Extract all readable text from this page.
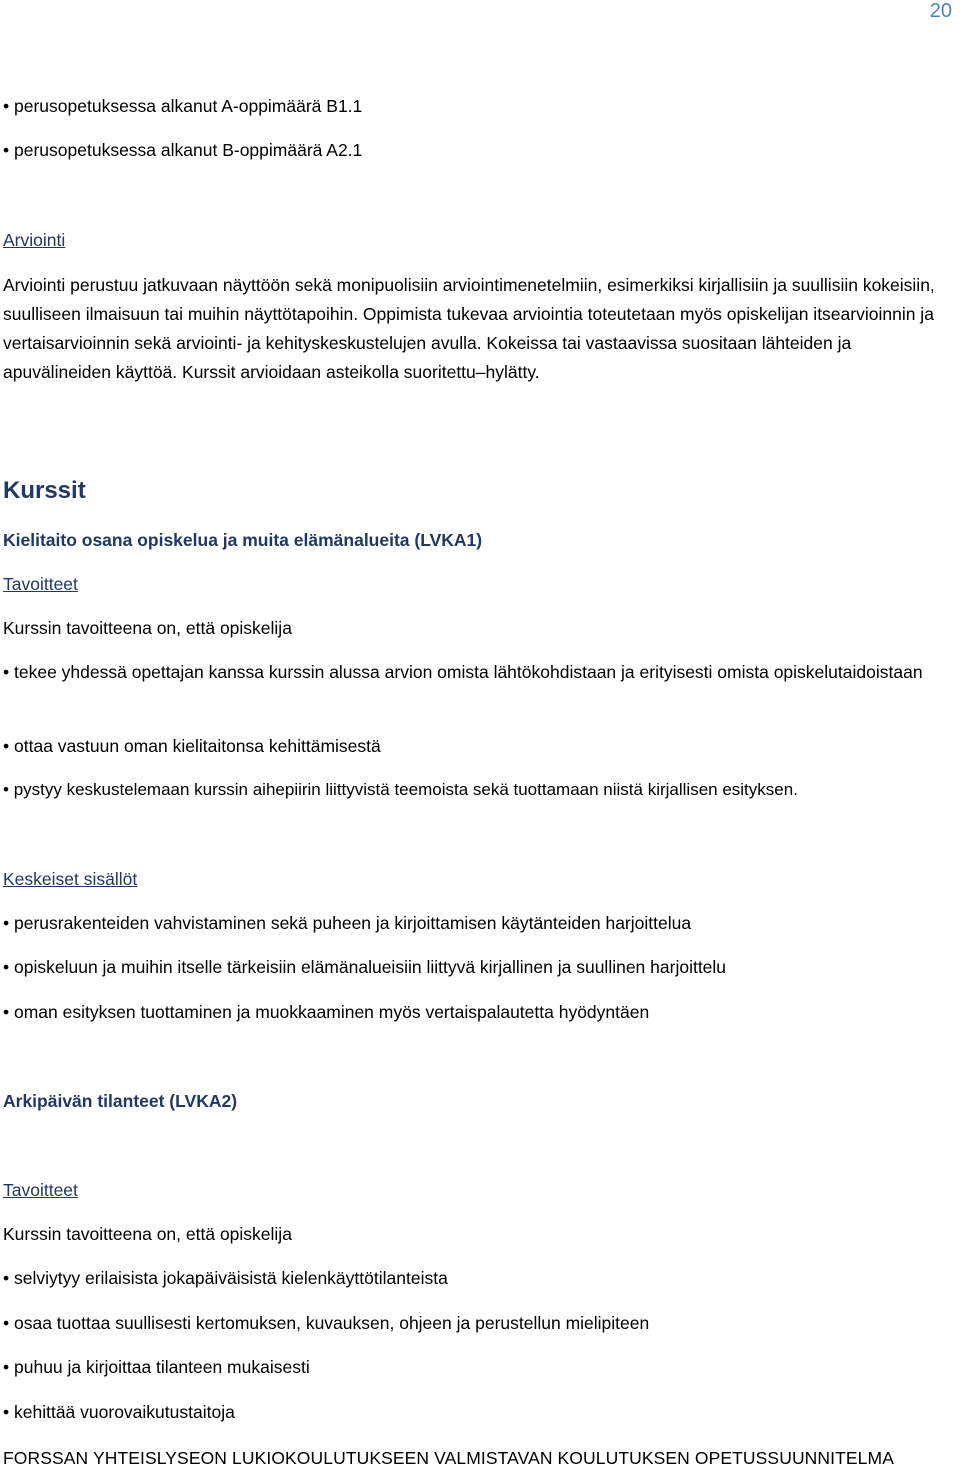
20
• perusopetuksessa alkanut A-oppimäärä B1.1
• perusopetuksessa alkanut B-oppimäärä A2.1
Arviointi
Arviointi perustuu jatkuvaan näyttöön sekä monipuolisiin arviointimenetelmiin, esimerkiksi kirjallisiin ja suullisiin kokeisiin, suulliseen ilmaisuun tai muihin näyttötapoihin. Oppimista tukevaa arviointia toteutetaan myös opiskelijan itsearvioinnin ja vertaisarvioinnin sekä arviointi- ja kehityskeskustelujen avulla. Kokeissa tai vastaavissa suositaan lähteiden ja apuvälineiden käyttöä. Kurssit arvioidaan asteikolla suoritettu–hylätty.
Kurssit
Kielitaito osana opiskelua ja muita elämänalueita (LVKA1)
Tavoitteet
Kurssin tavoitteena on, että opiskelija
• tekee yhdessä opettajan kanssa kurssin alussa arvion omista lähtökohdistaan ja erityisesti omista opiskelutaidoistaan
• ottaa vastuun oman kielitaitonsa kehittämisestä
• pystyy keskustelemaan kurssin aihepiirin liittyvistä teemoista sekä tuottamaan niistä kirjallisen esityksen.
Keskeiset sisällöt
• perusrakenteiden vahvistaminen sekä puheen ja kirjoittamisen käytänteiden harjoittelua
• opiskeluun ja muihin itselle tärkeisiin elämänalueisiin liittyvä kirjallinen ja suullinen harjoittelu
• oman esityksen tuottaminen ja muokkaaminen myös vertaispalautetta hyödyntäen
Arkipäivän tilanteet (LVKA2)
Tavoitteet
Kurssin tavoitteena on, että opiskelija
• selviytyy erilaisista jokapäiväisistä kielenkäyttötilanteista
• osaa tuottaa suullisesti kertomuksen, kuvauksen, ohjeen ja perustellun mielipiteen
• puhuu ja kirjoittaa tilanteen mukaisesti
• kehittää vuorovaikutustaitoja
FORSSAN YHTEISLYSEON LUKIOKOULUTUKSEEN VALMISTAVAN KOULUTUKSEN OPETUSSUUNNITELMA
